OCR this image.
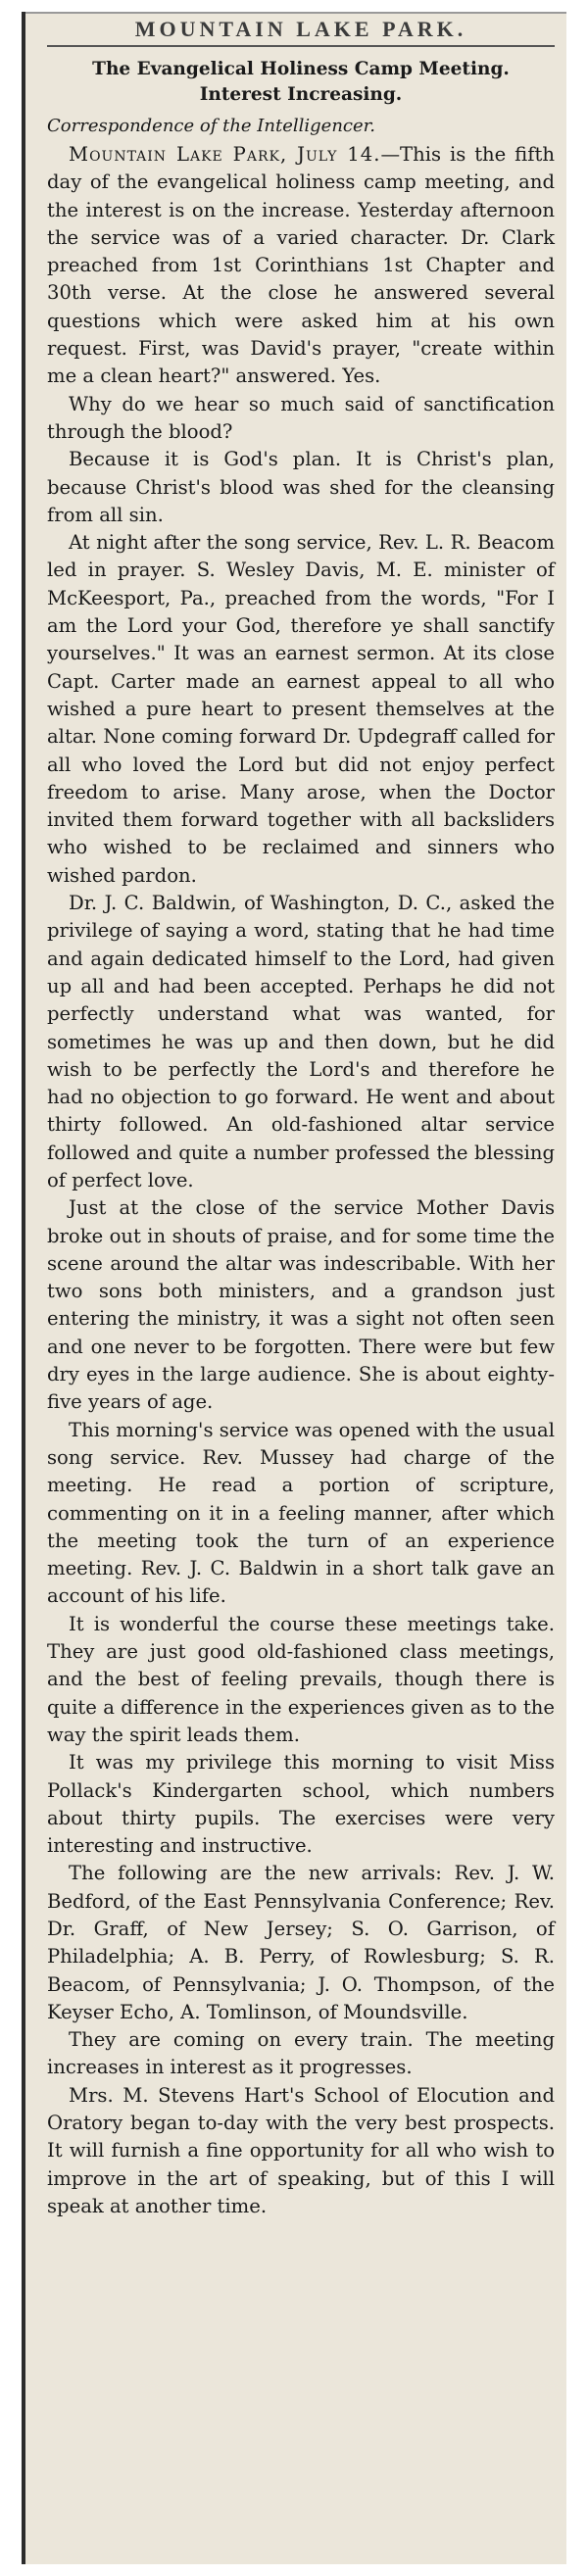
MOUNTAIN LAKE PARK.

The Evangelical Holiness Camp Meeting.

Interest Increasing.

Correspondence of the Intelligencer.

Mountain Lake Park, July 14.—This is the fifth day of the evangelical holiness camp meeting, and the interest is on the increase. Yesterday afternoon the service was of a varied character. Dr. Clark preached from 1st Corinthians 1st Chapter and 30th verse. At the close he answered several questions which were asked him at his own request. First, was David's prayer, "create within me a clean heart?" answered. Yes.

Why do we hear so much said of sanctification through the blood?

Because it is God's plan. It is Christ's plan, because Christ's blood was shed for the cleansing from all sin.

At night after the song service, Rev. L. R. Beacom led in prayer. S. Wesley Davis, M. E. minister of McKeesport, Pa., preached from the words, "For I am the Lord your God, therefore ye shall sanctify yourselves." It was an earnest sermon. At its close Capt. Carter made an earnest appeal to all who wished a pure heart to present themselves at the altar. None coming forward Dr. Updegraff called for all who loved the Lord but did not enjoy perfect freedom to arise. Many arose, when the Doctor invited them forward together with all backsliders who wished to be reclaimed and sinners who wished pardon.

Dr. J. C. Baldwin, of Washington, D. C., asked the privilege of saying a word, stating that he had time and again dedicated himself to the Lord, had given up all and had been accepted. Perhaps he did not perfectly understand what was wanted, for sometimes he was up and then down, but he did wish to be perfectly the Lord's and therefore he had no objection to go forward. He went and about thirty followed. An old-fashioned altar service followed and quite a number professed the blessing of perfect love.

Just at the close of the service Mother Davis broke out in shouts of praise, and for some time the scene around the altar was indescribable. With her two sons both ministers, and a grandson just entering the ministry, it was a sight not often seen and one never to be forgotten. There were but few dry eyes in the large audience. She is about eighty-five years of age.

This morning's service was opened with the usual song service. Rev. Mussey had charge of the meeting. He read a portion of scripture, commenting on it in a feeling manner, after which the meeting took the turn of an experience meeting. Rev. J. C. Baldwin in a short talk gave an account of his life.

It is wonderful the course these meetings take. They are just good old-fashioned class meetings, and the best of feeling prevails, though there is quite a difference in the experiences given as to the way the spirit leads them.

It was my privilege this morning to visit Miss Pollack's Kindergarten school, which numbers about thirty pupils. The exercises were very interesting and instructive.

The following are the new arrivals: Rev. J. W. Bedford, of the East Pennsylvania Conference; Rev. Dr. Graff, of New Jersey; S. O. Garrison, of Philadelphia; A. B. Perry, of Rowlesburg; S. R. Beacom, of Pennsylvania; J. O. Thompson, of the Keyser Echo, A. Tomlinson, of Moundsville.

They are coming on every train. The meeting increases in interest as it progresses.

Mrs. M. Stevens Hart's School of Elocution and Oratory began to-day with the very best prospects. It will furnish a fine opportunity for all who wish to improve in the art of speaking, but of this I will speak at another time.
